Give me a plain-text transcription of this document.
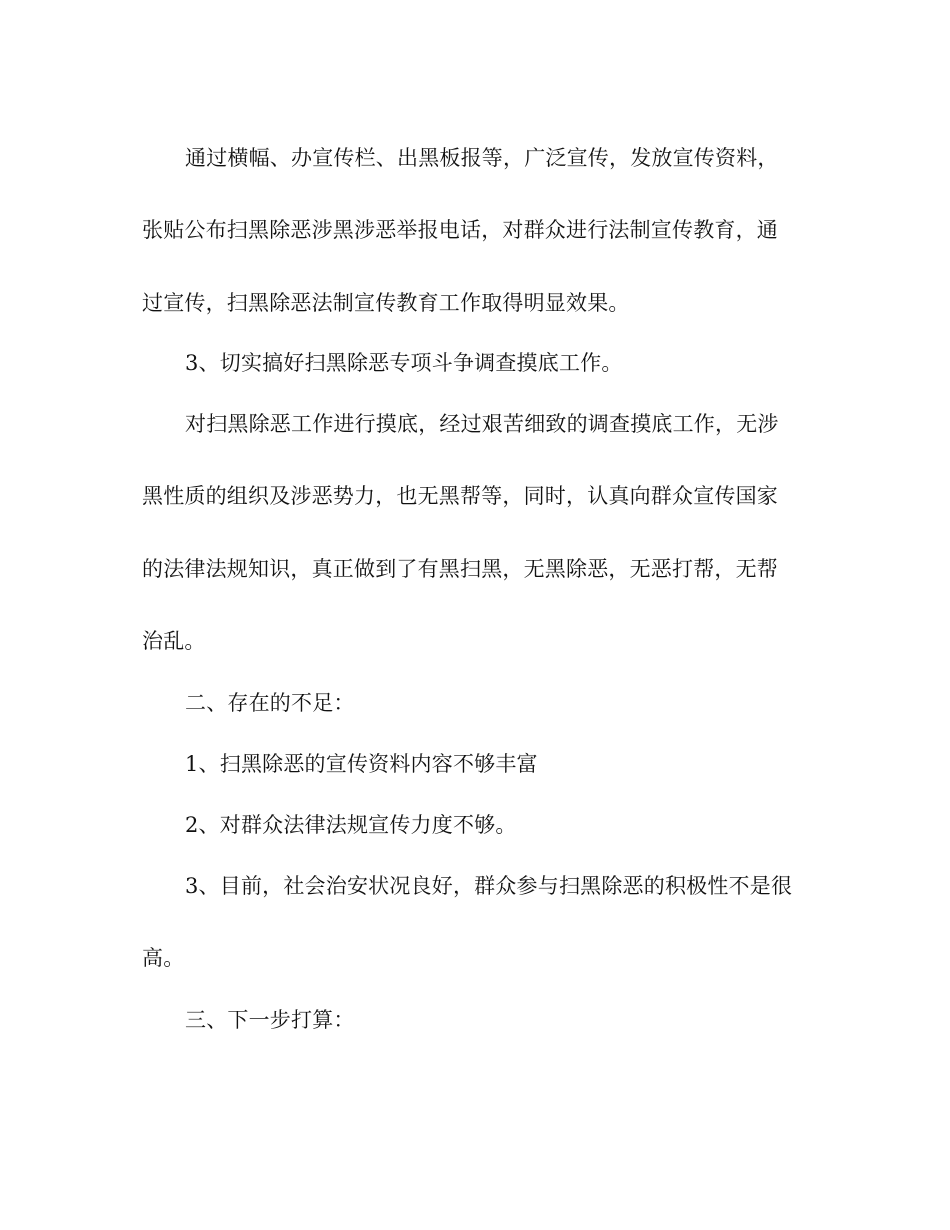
通过横幅、办宣传栏、出黑板报等，广泛宣传，发放宣传资料，
张贴公布扫黑除恶涉黑涉恶举报电话，对群众进行法制宣传教育，通
过宣传，扫黑除恶法制宣传教育工作取得明显效果。
3、切实搞好扫黑除恶专项斗争调查摸底工作。
对扫黑除恶工作进行摸底，经过艰苦细致的调查摸底工作，无涉
黑性质的组织及涉恶势力，也无黑帮等，同时，认真向群众宣传国家
的法律法规知识，真正做到了有黑扫黑，无黑除恶，无恶打帮，无帮
治乱。
二、存在的不足：
1、扫黑除恶的宣传资料内容不够丰富
2、对群众法律法规宣传力度不够。
3、目前，社会治安状况良好，群众参与扫黑除恶的积极性不是很
高。
三、下一步打算：
